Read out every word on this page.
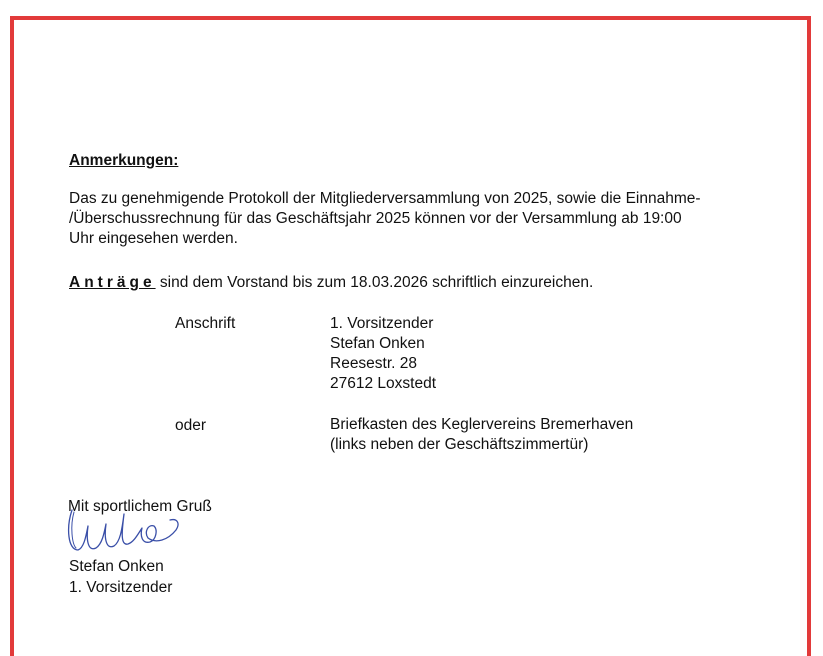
Anmerkungen:
Das zu genehmigende Protokoll der Mitgliederversammlung von 2025, sowie die Einnahme-
/Überschussrechnung für das Geschäftsjahr 2025 können vor der Versammlung ab 19:00
Uhr eingesehen werden.
Anträge sind dem Vorstand bis zum 18.03.2026 schriftlich einzureichen.
Anschrift	1. Vorsitzender
Stefan Onken
Reesestr. 28
27612 Loxstedt
oder	Briefkasten des Keglervereins Bremerhaven
(links neben der Geschäftszimmertür)
Mit sportlichem Gruß
Stefan Onken
1. Vorsitzender
